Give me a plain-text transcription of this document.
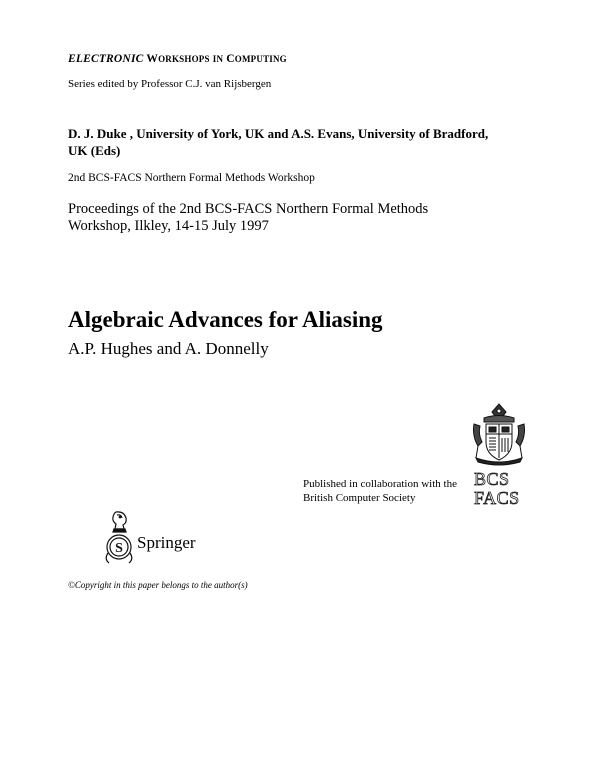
ELECTRONIC WORKSHOPS IN COMPUTING
Series edited by Professor C.J. van Rijsbergen
D. J. Duke , University of York, UK and A.S. Evans, University of Bradford,
UK (Eds)
2nd BCS-FACS Northern Formal Methods Workshop
Proceedings of the 2nd BCS-FACS Northern Formal Methods
Workshop, Ilkley, 14-15 July 1997
Algebraic Advances for Aliasing
A.P. Hughes and A. Donnelly
Published in collaboration with the
British Computer Society
BCS
FACS
S Springer
©Copyright in this paper belongs to the author(s)
